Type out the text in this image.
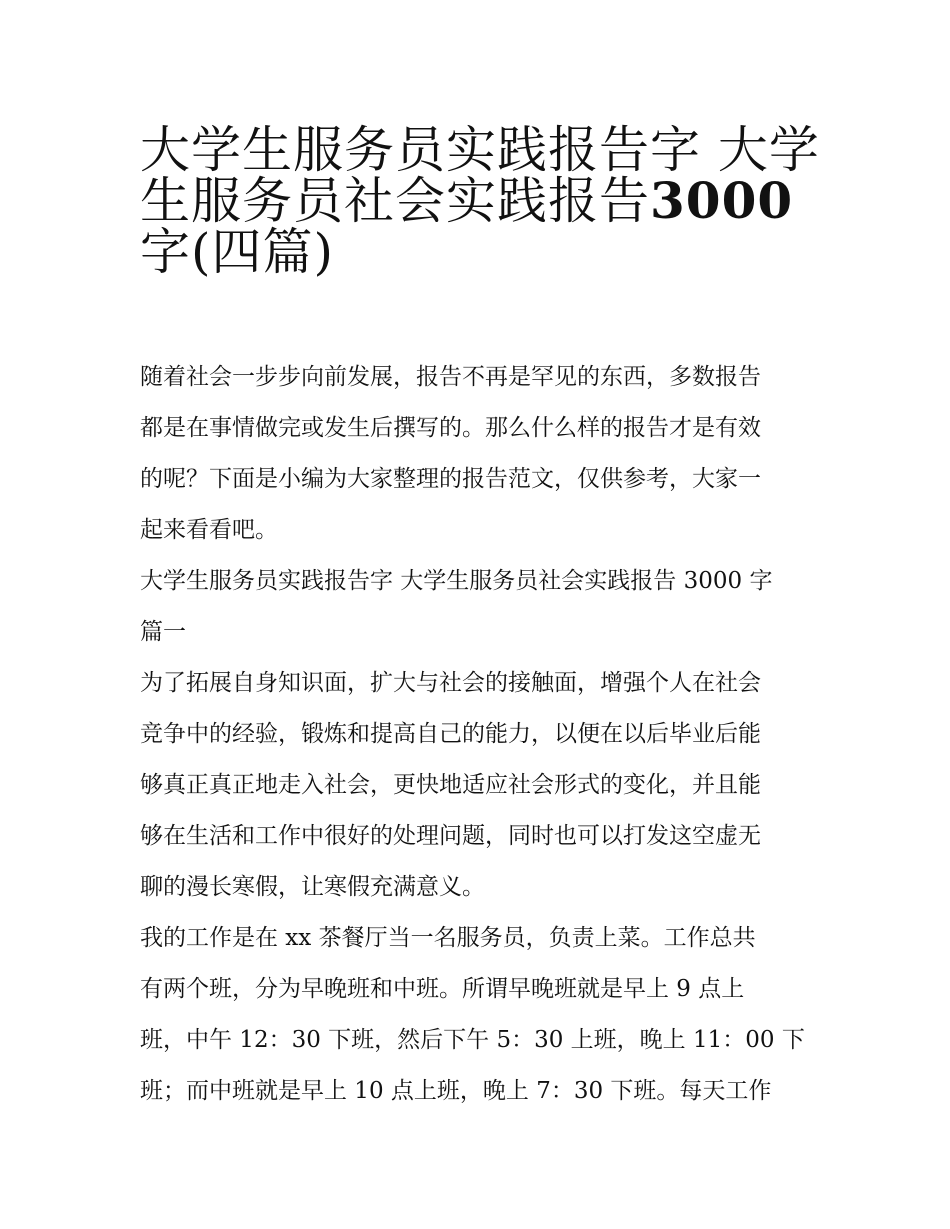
大学生服务员实践报告字 大学
生服务员社会实践报告3000
字(四篇)

随着社会一步步向前发展，报告不再是罕见的东西，多数报告
都是在事情做完或发生后撰写的。那么什么样的报告才是有效
的呢？下面是小编为大家整理的报告范文，仅供参考，大家一
起来看看吧。

大学生服务员实践报告字 大学生服务员社会实践报告 3000 字
篇一

为了拓展自身知识面，扩大与社会的接触面，增强个人在社会
竞争中的经验，锻炼和提高自己的能力，以便在以后毕业后能
够真正真正地走入社会，更快地适应社会形式的变化，并且能
够在生活和工作中很好的处理问题，同时也可以打发这空虚无
聊的漫长寒假，让寒假充满意义。

我的工作是在 xx 茶餐厅当一名服务员，负责上菜。工作总共
有两个班，分为早晚班和中班。所谓早晚班就是早上 9 点上
班，中午 12：30 下班，然后下午 5：30 上班，晚上 11：00 下
班；而中班就是早上 10 点上班，晚上 7：30 下班。每天工作
